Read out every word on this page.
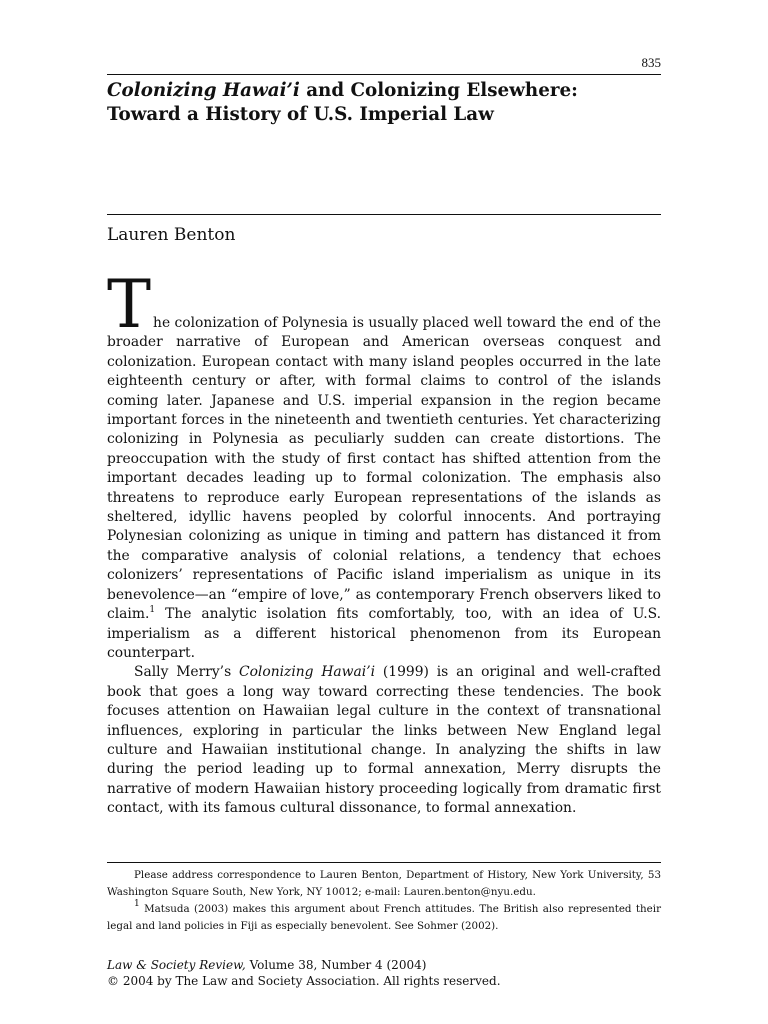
835
Colonizing Hawai’i and Colonizing Elsewhere:
Toward a History of U.S. Imperial Law
Lauren Benton

T he colonization of Polynesia is usually placed well toward the end of the broader narrative of European and American overseas conquest and colonization. European contact with many island peoples occurred in the late eighteenth century or after, with formal claims to control of the islands coming later. Japanese and U.S. imperial expansion in the region became important forces in the nineteenth and twentieth centuries. Yet characterizing colonizing in Polynesia as peculiarly sudden can create distortions. The preoccupation with the study of first contact has shifted attention from the important decades leading up to formal colonization. The emphasis also threatens to reproduce early European representations of the islands as sheltered, idyllic havens peopled by colorful innocents. And portraying Polynesian colonizing as unique in timing and pattern has distanced it from the comparative analysis of colonial relations, a tendency that echoes colonizers’ representations of Pacific island imperialism as unique in its benevolence—an “empire of love,” as contemporary French observers liked to claim.$^1$ The analytic isolation fits comfortably, too, with an idea of U.S. imperialism as a different historical phenomenon from its European counterpart.

Sally Merry’s Colonizing Hawai’i (1999) is an original and well-crafted book that goes a long way toward correcting these tendencies. The book focuses attention on Hawaiian legal culture in the context of transnational influences, exploring in particular the links between New England legal culture and Hawaiian institutional change. In analyzing the shifts in law during the period leading up to formal annexation, Merry disrupts the narrative of modern Hawaiian history proceeding logically from dramatic first contact, with its famous cultural dissonance, to formal annexation.

Please address correspondence to Lauren Benton, Department of History, New York University, 53 Washington Square South, New York, NY 10012; e-mail: Lauren.benton@nyu.edu.

$^1$ Matsuda (2003) makes this argument about French attitudes. The British also represented their legal and land policies in Fiji as especially benevolent. See Sohmer (2002).

Law & Society Review, Volume 38, Number 4 (2004)
© 2004 by The Law and Society Association. All rights reserved.
